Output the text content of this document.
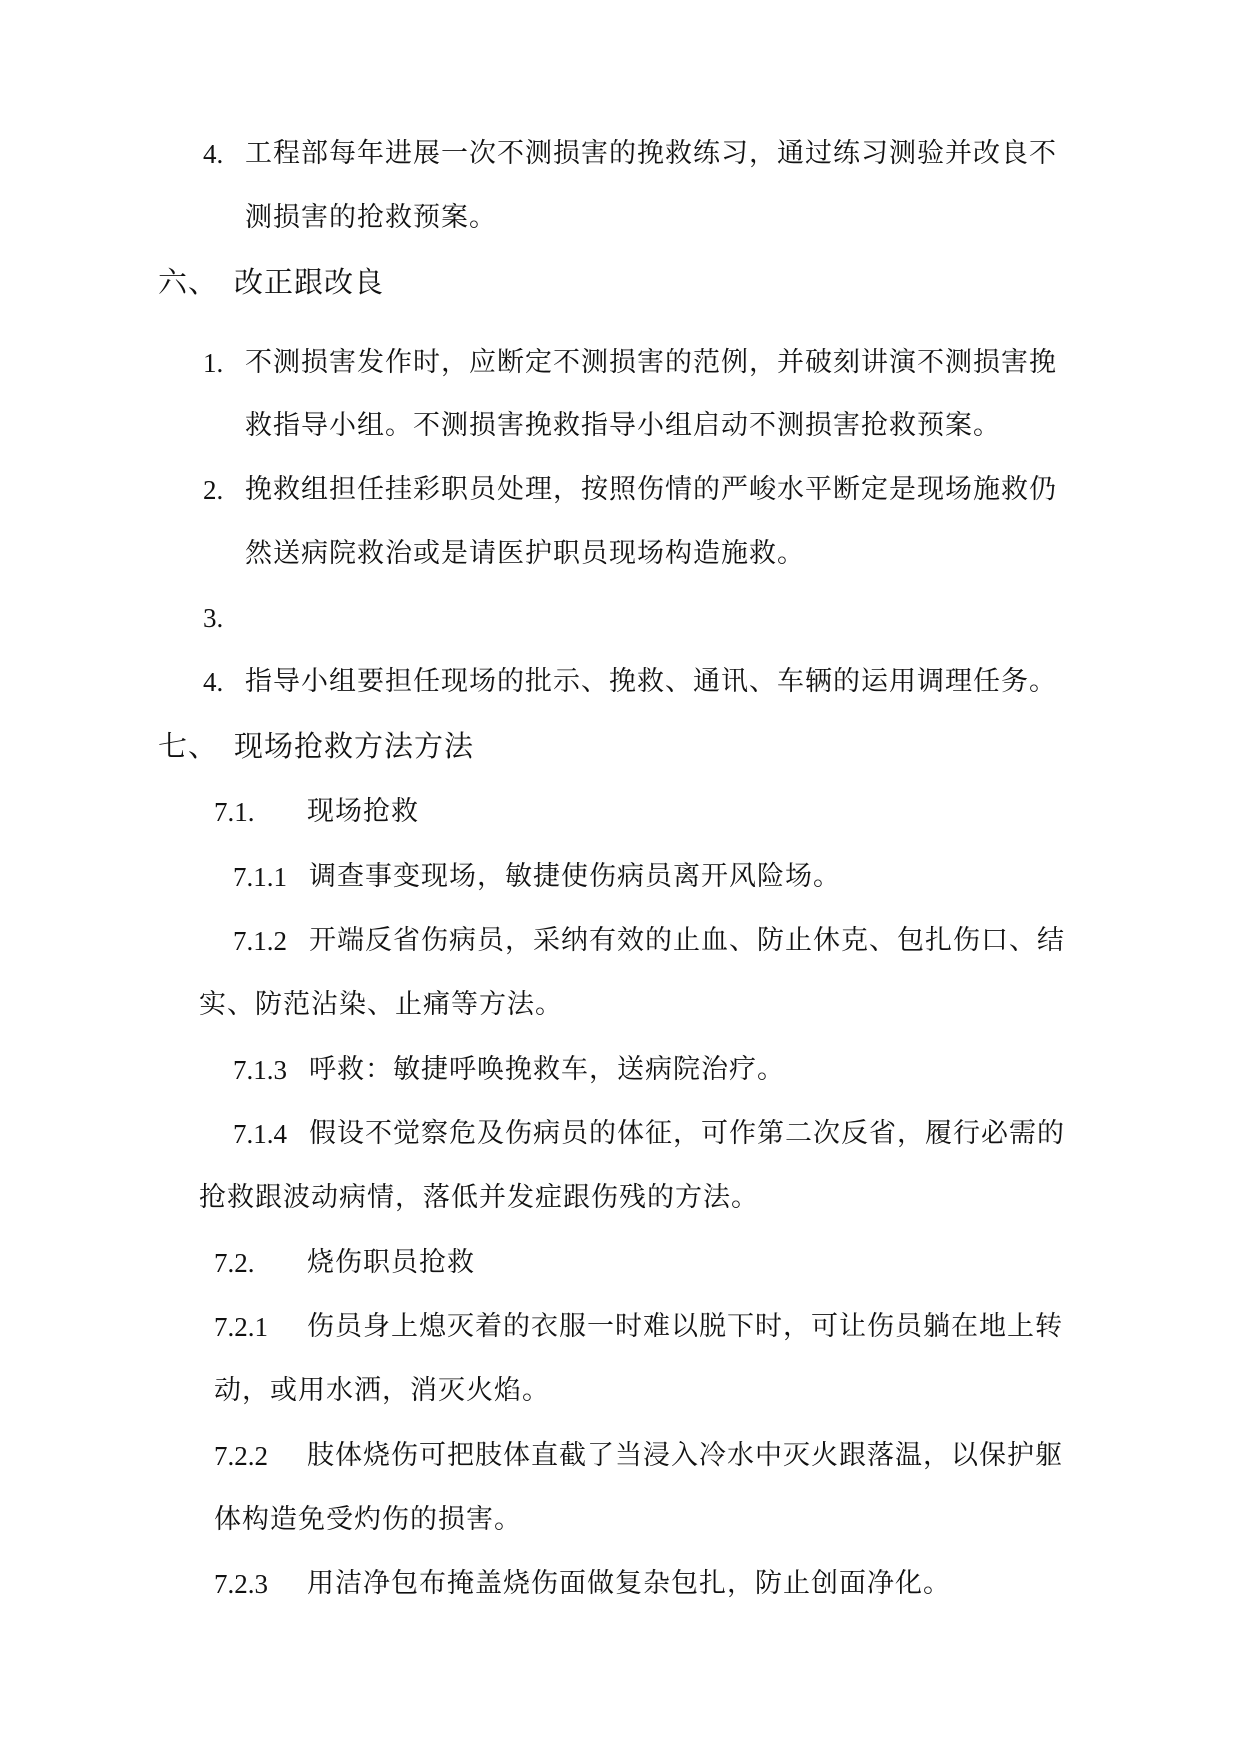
4. 工程部每年进展一次不测损害的挽救练习，通过练习测验并改良不
测损害的抢救预案。
六、 改正跟改良
1. 不测损害发作时，应断定不测损害的范例，并破刻讲演不测损害挽
救指导小组。不测损害挽救指导小组启动不测损害抢救预案。
2. 挽救组担任挂彩职员处理，按照伤情的严峻水平断定是现场施救仍
然送病院救治或是请医护职员现场构造施救。
3.
4. 指导小组要担任现场的批示、挽救、通讯、车辆的运用调理任务。
七、 现场抢救方法方法
7.1. 现场抢救
7.1.1 调查事变现场，敏捷使伤病员离开风险场。
7.1.2 开端反省伤病员，采纳有效的止血、防止休克、包扎伤口、结
实、防范沾染、止痛等方法。
7.1.3 呼救：敏捷呼唤挽救车，送病院治疗。
7.1.4 假设不觉察危及伤病员的体征，可作第二次反省，履行必需的
抢救跟波动病情，落低并发症跟伤残的方法。
7.2. 烧伤职员抢救
7.2.1 伤员身上熄灭着的衣服一时难以脱下时，可让伤员躺在地上转
动，或用水洒，消灭火焰。
7.2.2 肢体烧伤可把肢体直截了当浸入冷水中灭火跟落温，以保护躯
体构造免受灼伤的损害。
7.2.3 用洁净包布掩盖烧伤面做复杂包扎，防止创面净化。
